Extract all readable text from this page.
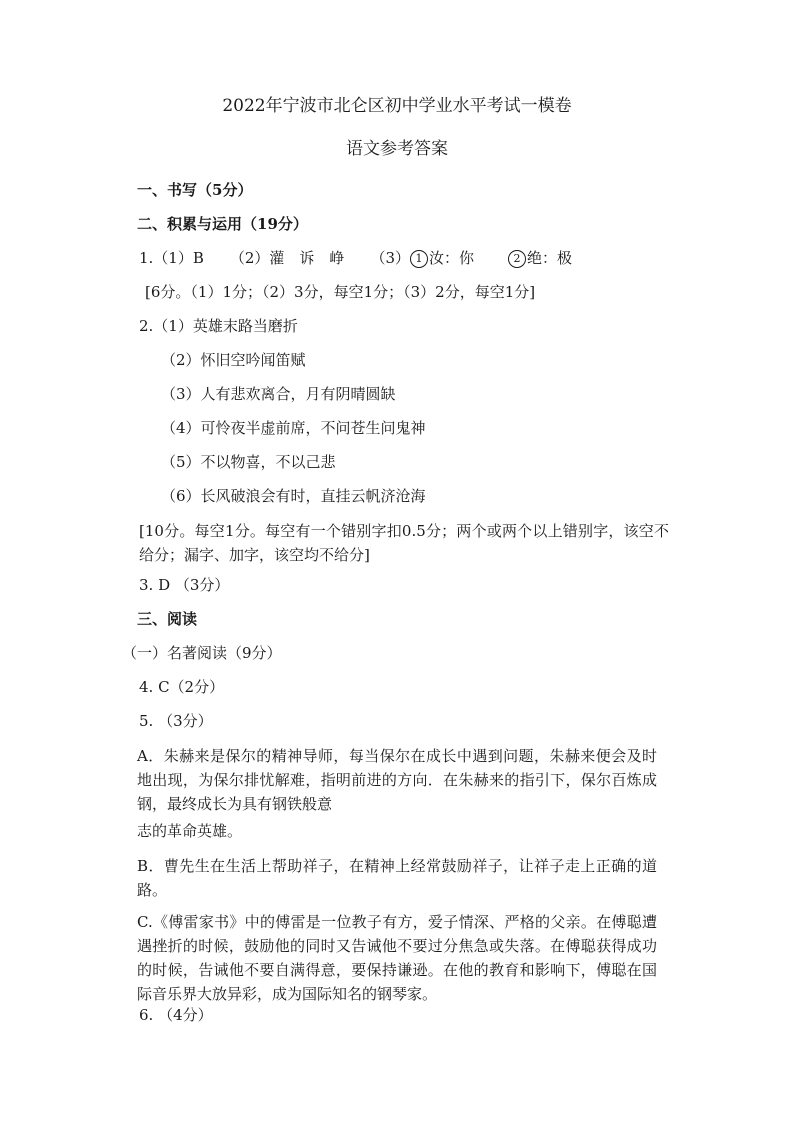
2022年宁波市北仑区初中学业水平考试一模卷
语文参考答案
一、书写（5分）
二、积累与运用（19分）
1.（1）B （2）灌　诉　峥 （3） 1 汝：你	2 绝：极
[6分。（1）1分；（2）3分，每空1分；（3）2分，每空1分]
2.（1）英雄末路当磨折
（2）怀旧空吟闻笛赋
（3）人有悲欢离合，月有阴晴圆缺
（4）可怜夜半虚前席，不问苍生问鬼神
（5）不以物喜，不以己悲
（6）长风破浪会有时，直挂云帆济沧海
[10分。每空1分。每空有一个错别字扣0.5分；两个或两个以上错别字，该空不给分；漏字、加字，该空均不给分]
3. D （3分）
三、阅读
（一）名著阅读（9分）
4. C（2分）
5. （3分）
A．朱赫来是保尔的精神导师，每当保尔在成长中遇到问题，朱赫来便会及时地出现，为保尔排忧解难，指明前进的方向．在朱赫来的指引下，保尔百炼成钢，最终成长为具有钢铁般意
志的革命英雄。
B．曹先生在生活上帮助祥子，在精神上经常鼓励祥子，让祥子走上正确的道路。
C.《傅雷家书》中的傅雷是一位教子有方，爱子情深、严格的父亲。在傅聪遭遇挫折的时候，鼓励他的同时又告诫他不要过分焦急或失落。在傅聪获得成功的时候，告诫他不要自满得意，要保持谦逊。在他的教育和影响下，傅聪在国际音乐界大放异彩，成为国际知名的钢琴家。
6. （4分）
